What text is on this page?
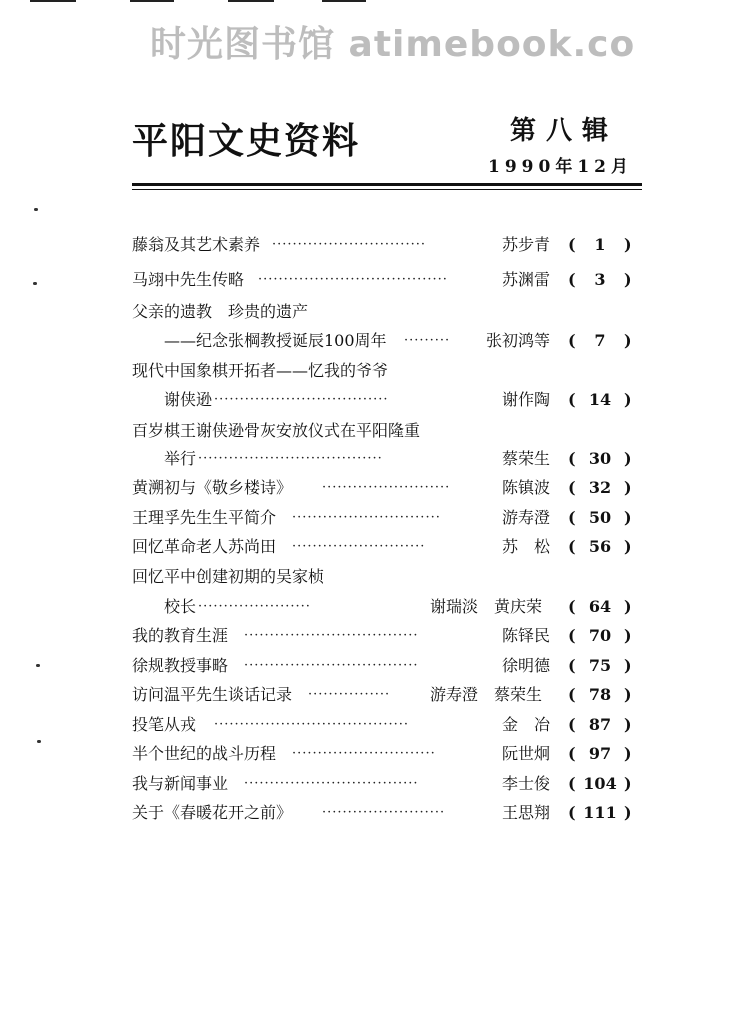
时光图书馆 atimebook.co
平阳文史资料	第八辑
1990年12月
藤翁及其艺术素养 ······························	苏步青 (	1	)
马翊中先生传略 ·····································	苏渊雷 (	3	)
父亲的遗教　珍贵的遗产
——纪念张棡教授诞辰100周年 ·········	张初鸿等 (	7	)
现代中国象棋开拓者——忆我的爷爷
谢侠逊 ··································	谢作陶 ( 14 )
百岁棋王谢侠逊骨灰安放仪式在平阳隆重
举行 ····································	蔡荣生 ( 30 )
黄溯初与《敬乡楼诗》 ·························	陈镇波 ( 32 )
王理孚先生生平简介 ·····························	游寿澄 ( 50 )
回忆革命老人苏尚田 ··························	苏　松 ( 56 )
回忆平中创建初期的吴家桢
校长 ······················	谢瑞淡　黄庆荣 ( 64 )
我的教育生涯 ··································	陈铎民 ( 70 )
徐规教授事略 ··································	徐明德 ( 75 )
访问温平先生谈话记录 ················	游寿澄　蔡荣生 ( 78 )
投笔从戎 ······································	金　冶 ( 87 )
半个世纪的战斗历程 ····························	阮世炯 ( 97 )
我与新闻事业 ··································	李士俊 ( 104 )
关于《春暖花开之前》 ························	王思翔 ( 111 )
